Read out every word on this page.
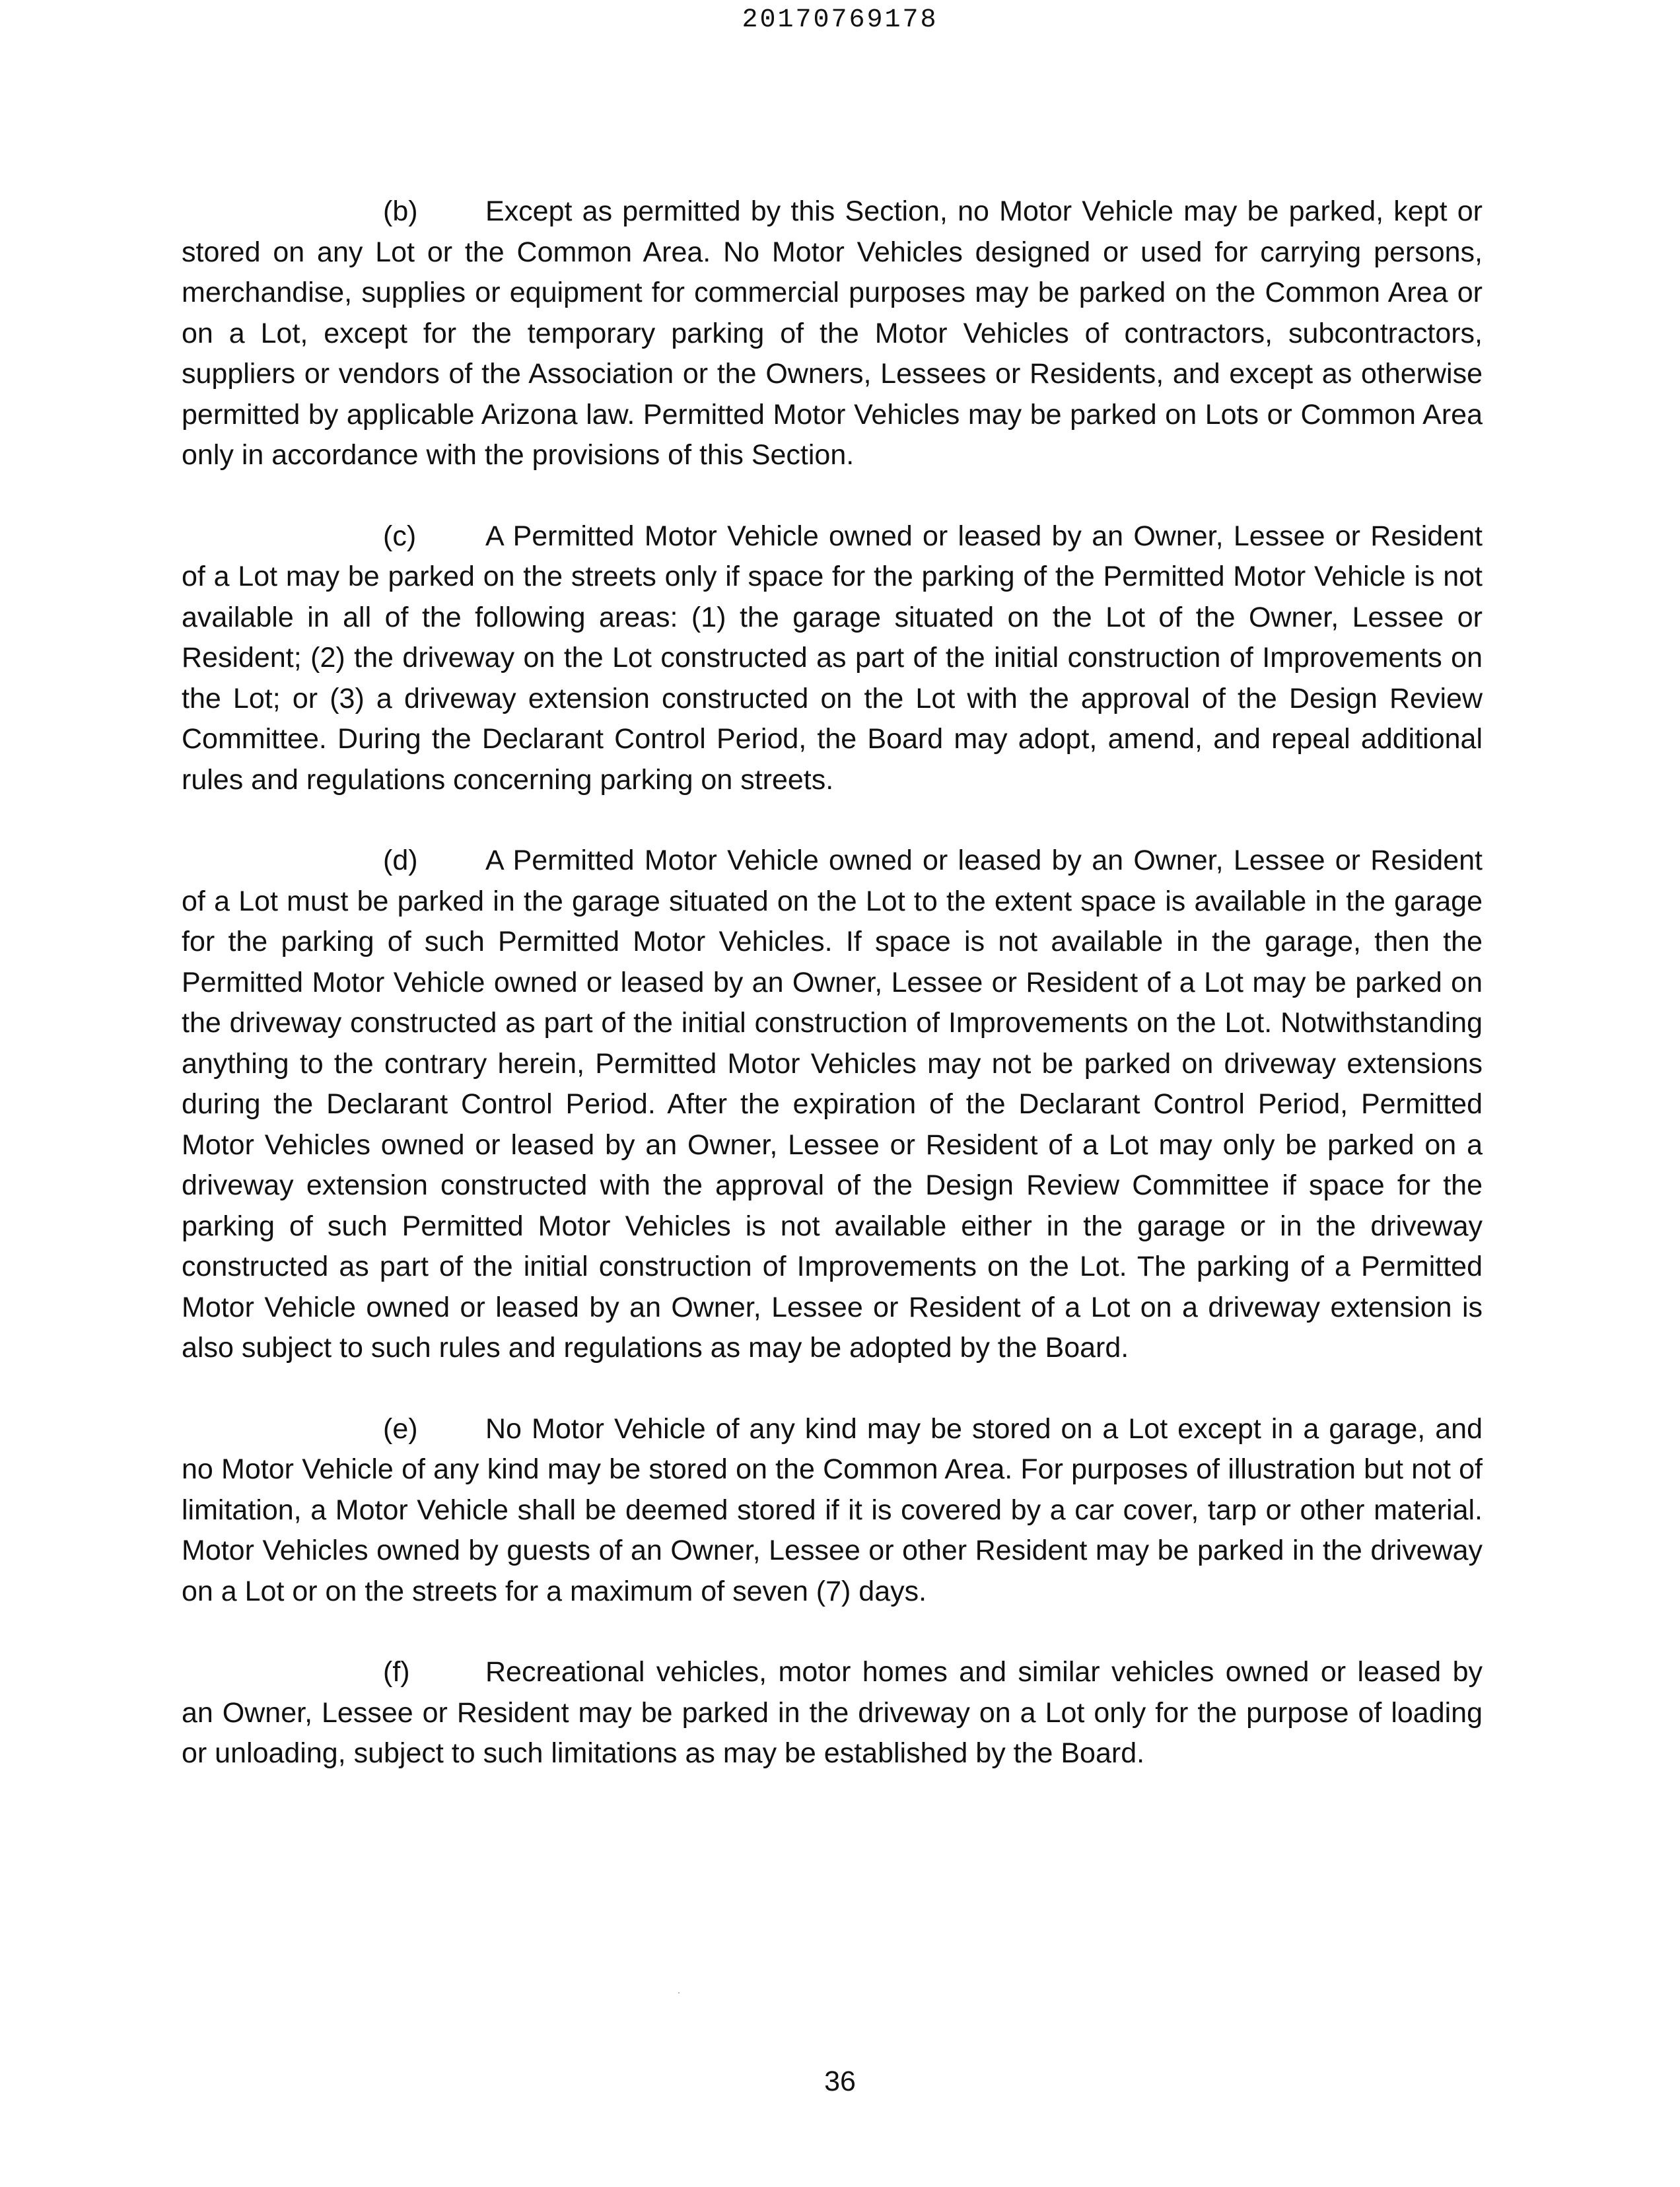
20170769178

(b) Except as permitted by this Section, no Motor Vehicle may be parked, kept or stored on any Lot or the Common Area. No Motor Vehicles designed or used for carrying persons, merchandise, supplies or equipment for commercial purposes may be parked on the Common Area or on a Lot, except for the temporary parking of the Motor Vehicles of contractors, subcontractors, suppliers or vendors of the Association or the Owners, Lessees or Residents, and except as otherwise permitted by applicable Arizona law. Permitted Motor Vehicles may be parked on Lots or Common Area only in accordance with the provisions of this Section.

(c) A Permitted Motor Vehicle owned or leased by an Owner, Lessee or Resident of a Lot may be parked on the streets only if space for the parking of the Permitted Motor Vehicle is not available in all of the following areas: (1) the garage situated on the Lot of the Owner, Lessee or Resident; (2) the driveway on the Lot constructed as part of the initial construction of Improvements on the Lot; or (3) a driveway extension constructed on the Lot with the approval of the Design Review Committee. During the Declarant Control Period, the Board may adopt, amend, and repeal additional rules and regulations concerning parking on streets.

(d) A Permitted Motor Vehicle owned or leased by an Owner, Lessee or Resident of a Lot must be parked in the garage situated on the Lot to the extent space is available in the garage for the parking of such Permitted Motor Vehicles. If space is not available in the garage, then the Permitted Motor Vehicle owned or leased by an Owner, Lessee or Resident of a Lot may be parked on the driveway constructed as part of the initial construction of Improvements on the Lot. Notwithstanding anything to the contrary herein, Permitted Motor Vehicles may not be parked on driveway extensions during the Declarant Control Period. After the expiration of the Declarant Control Period, Permitted Motor Vehicles owned or leased by an Owner, Lessee or Resident of a Lot may only be parked on a driveway extension constructed with the approval of the Design Review Committee if space for the parking of such Permitted Motor Vehicles is not available either in the garage or in the driveway constructed as part of the initial construction of Improvements on the Lot. The parking of a Permitted Motor Vehicle owned or leased by an Owner, Lessee or Resident of a Lot on a driveway extension is also subject to such rules and regulations as may be adopted by the Board.

(e) No Motor Vehicle of any kind may be stored on a Lot except in a garage, and no Motor Vehicle of any kind may be stored on the Common Area. For purposes of illustration but not of limitation, a Motor Vehicle shall be deemed stored if it is covered by a car cover, tarp or other material. Motor Vehicles owned by guests of an Owner, Lessee or other Resident may be parked in the driveway on a Lot or on the streets for a maximum of seven (7) days.

(f)	Recreational vehicles, motor homes and similar vehicles owned or leased by an Owner, Lessee or Resident may be parked in the driveway on a Lot only for the purpose of loading or unloading, subject to such limitations as may be established by the Board.

36
